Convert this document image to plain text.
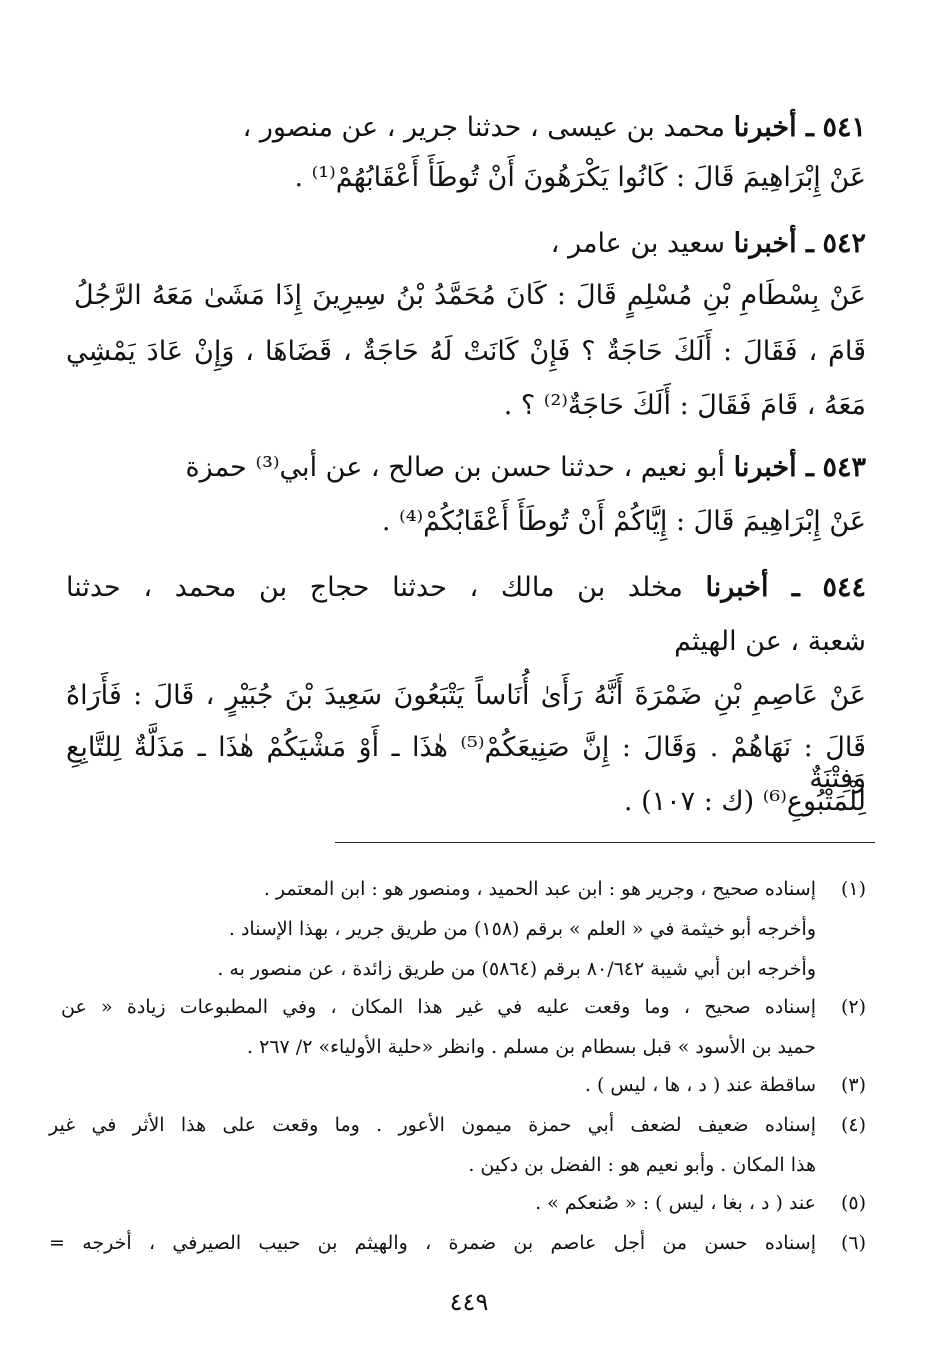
٥٤١ ـ أخبرنا محمد بن عيسى ، حدثنا جرير ، عن منصور ،
عَنْ إِبْرَاهِيمَ قَالَ : كَانُوا يَكْرَهُونَ أَنْ تُوطَأَ أَعْقَابُهُمْ⁽¹⁾ .
٥٤٢ ـ أخبرنا سعيد بن عامر ،
عَنْ بِسْطَامِ بْنِ مُسْلِمٍ قَالَ : كَانَ مُحَمَّدُ بْنُ سِيرِينَ إِذَا مَشَىٰ مَعَهُ الرَّجُلُ
قَامَ ، فَقَالَ : أَلَكَ حَاجَةٌ ؟ فَإِنْ كَانَتْ لَهُ حَاجَةٌ ، قَضَاهَا ، وَإِنْ عَادَ يَمْشِي
مَعَهُ ، قَامَ فَقَالَ : أَلَكَ حَاجَةٌ⁽²⁾ ؟ .
٥٤٣ ـ أخبرنا أبو نعيم ، حدثنا حسن بن صالح ، عن أبي⁽³⁾ حمزة
عَنْ إِبْرَاهِيمَ قَالَ : إِيَّاكُمْ أَنْ تُوطَأَ أَعْقَابُكُمْ⁽⁴⁾ .
٥٤٤ ـ أخبرنا مخلد بن مالك ، حدثنا حجاج بن محمد ، حدثنا
شعبة ، عن الهيثم
عَنْ عَاصِمِ بْنِ ضَمْرَةَ أَنَّهُ رَأَىٰ أُنَاساً يَتْبَعُونَ سَعِيدَ بْنَ جُبَيْرٍ ، قَالَ : فَأَرَاهُ
قَالَ : نَهَاهُمْ . وَقَالَ : إِنَّ صَنِيعَكُمْ⁽⁵⁾ هٰذَا ـ أَوْ مَشْيَكُمْ هٰذَا ـ مَذَلَّةٌ لِلتَّابِعِ وَفِتْنَةٌ
لِلْمَتْبُوعِ⁽⁶⁾ (ك : ١٠٧) .
(١)
إسناده صحيح ، وجرير هو : ابن عبد الحميد ، ومنصور هو : ابن المعتمر .
وأخرجه أبو خيثمة في « العلم » برقم (١٥٨) من طريق جرير ، بهذا الإسناد .
وأخرجه ابن أبي شيبة ٨٠/٦٤٢ برقم (٥٨٦٤) من طريق زائدة ، عن منصور به .
(٢)
إسناده صحيح ، وما وقعت عليه في غير هذا المكان ، وفي المطبوعات زيادة « عن
حميد بن الأسود » قبل بسطام بن مسلم . وانظر «حلية الأولياء» ٢/ ٢٦٧ .
(٣)
ساقطة عند ( د ، ها ، ليس ) .
(٤)
إسناده ضعيف لضعف أبي حمزة ميمون الأعور . وما وقعت على هذا الأثر في غير
هذا المكان . وأبو نعيم هو : الفضل بن دكين .
(٥)
عند ( د ، بغا ، ليس ) : « صُنعكم » .
(٦)
إسناده حسن من أجل عاصم بن ضمرة ، والهيثم بن حبيب الصيرفي ، أخرجه =
٤٤٩
